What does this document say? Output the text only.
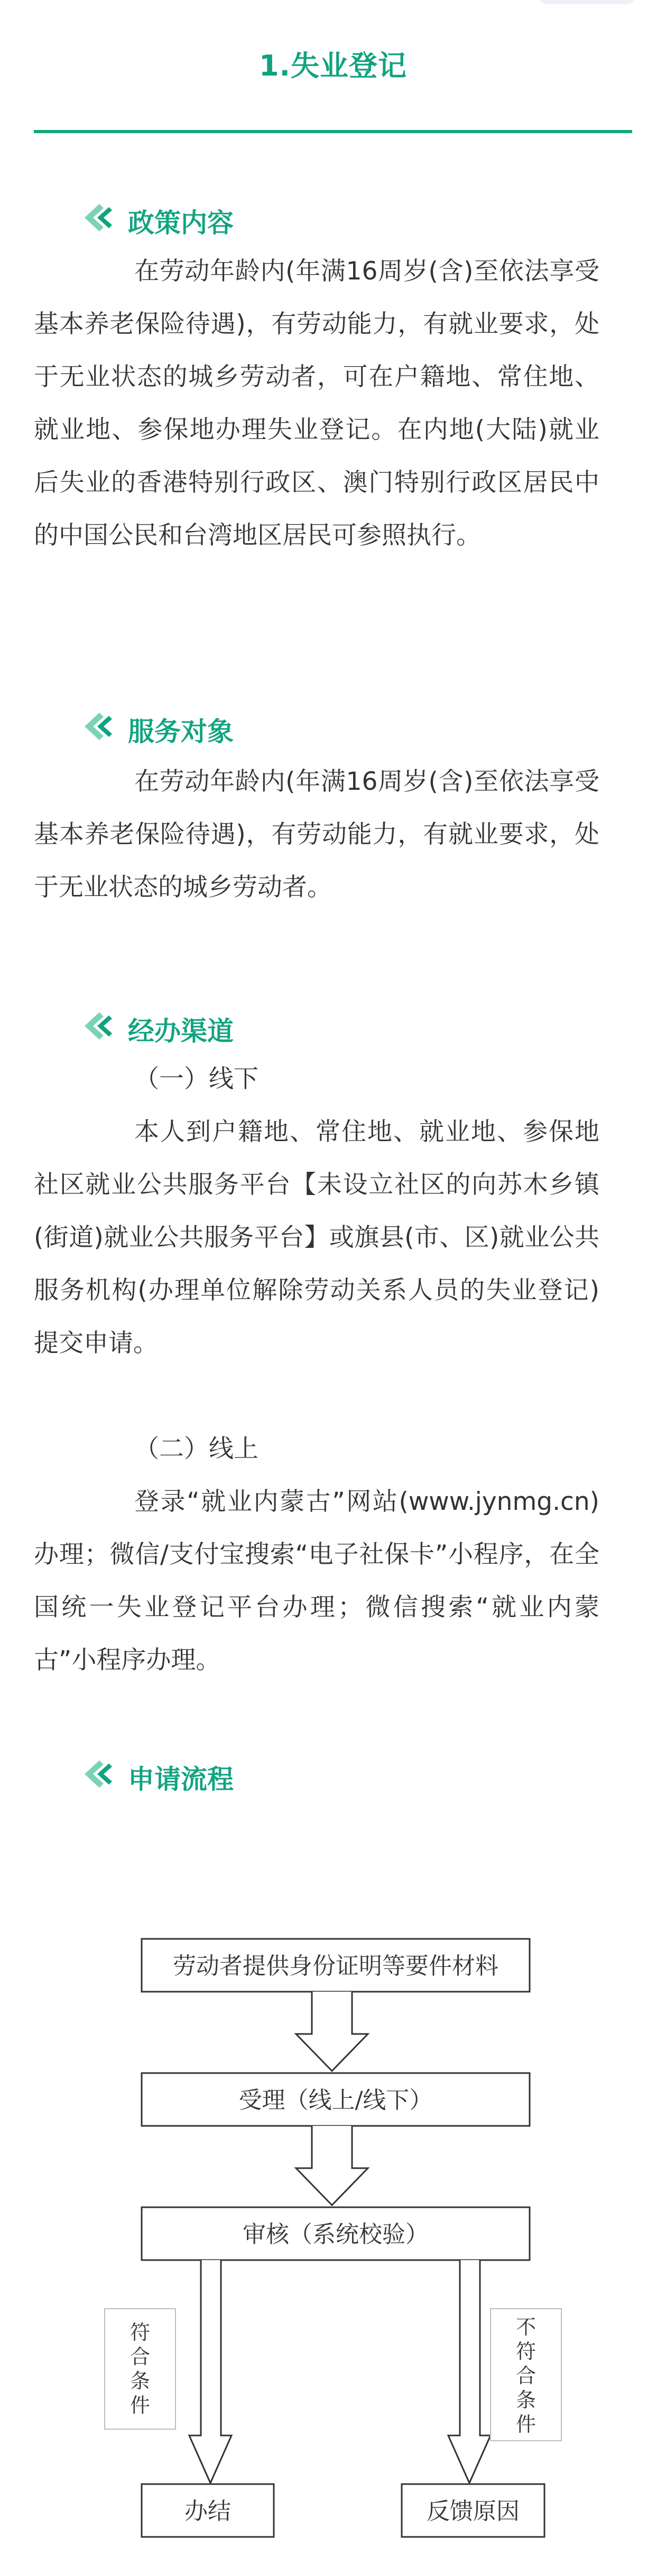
1.失业登记
政策内容
在劳动年龄内(年满16周岁(含)至依法享受基本养老保险待遇)，有劳动能力，有就业要求，处于无业状态的城乡劳动者，可在户籍地、常住地、就业地、参保地办理失业登记。在内地(大陆)就业后失业的香港特别行政区、澳门特别行政区居民中的中国公民和台湾地区居民可参照执行。
服务对象
在劳动年龄内(年满16周岁(含)至依法享受基本养老保险待遇)，有劳动能力，有就业要求，处于无业状态的城乡劳动者。
经办渠道
（一）线下
本人到户籍地、常住地、就业地、参保地社区就业公共服务平台【未设立社区的向苏木乡镇(街道)就业公共服务平台】或旗县(市、区)就业公共服务机构(办理单位解除劳动关系人员的失业登记)提交申请。
（二）线上
登录“就业内蒙古”网站(www.jynmg.cn)办理；微信/支付宝搜索“电子社保卡”小程序，在全国统一失业登记平台办理；微信搜索“就业内蒙古”小程序办理。
申请流程
劳动者提供身份证明等要件材料
受理（线上/线下）
审核（系统校验）
办结	反馈原因
符合条件
不符合条件
